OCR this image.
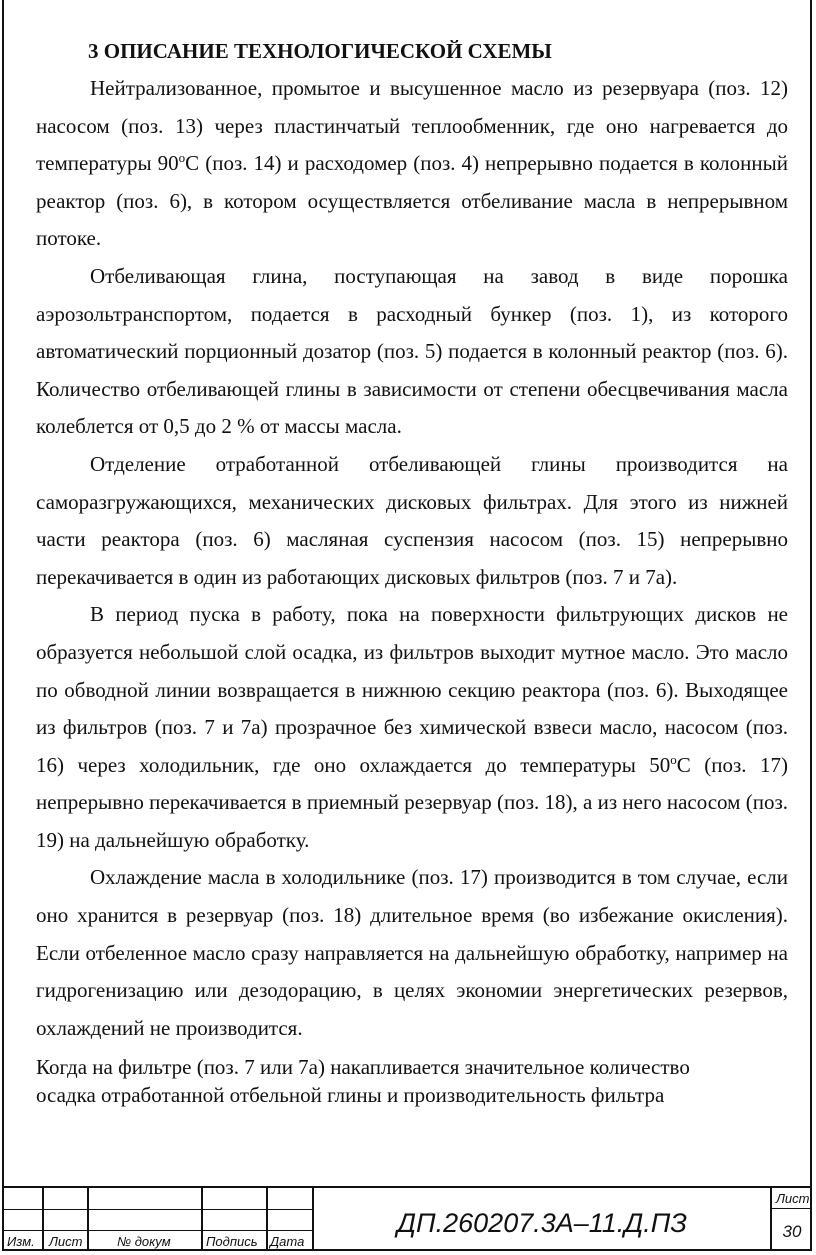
3 ОПИСАНИЕ ТЕХНОЛОГИЧЕСКОЙ СХЕМЫ

Нейтрализованное, промытое и высушенное масло из резервуара (поз. 12) насосом (поз. 13) через пластинчатый теплообменник, где оно нагревается до температуры $90^оС$ (поз. 14) и расходомер (поз. 4) непрерывно подается в колонный реактор (поз. 6), в котором осуществляется отбеливание масла в непрерывном потоке.

Отбеливающая глина, поступающая на завод в виде порошка аэрозольтранспортом, подается в расходный бункер (поз. 1), из которого автоматический порционный дозатор (поз. 5) подается в колонный реактор (поз. 6). Количество отбеливающей глины в зависимости от степени обесцвечивания масла колеблется от 0,5 до 2 % от массы масла.

Отделение отработанной отбеливающей глины производится на саморазгружающихся, механических дисковых фильтрах. Для этого из нижней части реактора (поз. 6) масляная суспензия насосом (поз. 15) непрерывно перекачивается в один из работающих дисковых фильтров (поз. 7 и 7а).

В период пуска в работу, пока на поверхности фильтрующих дисков не образуется небольшой слой осадка, из фильтров выходит мутное масло. Это масло по обводной линии возвращается в нижнюю секцию реактора (поз. 6). Выходящее из фильтров (поз. 7 и 7а) прозрачное без химической взвеси масло, насосом (поз. 16) через холодильник, где оно охлаждается до температуры $50^оС$ (поз. 17) непрерывно перекачивается в приемный резервуар (поз. 18), а из него насосом (поз. 19) на дальнейшую обработку.

Охлаждение масла в холодильнике (поз. 17) производится в том случае, если оно хранится в резервуар (поз. 18) длительное время (во избежание окисления). Если отбеленное масло сразу направляется на дальнейшую обработку, например на гидрогенизацию или дезодорацию, в целях экономии энергетических резервов, охлаждений не производится.

Когда на фильтре (поз. 7 или 7а) накапливается значительное количество
осадка отработанной отбельной глины и производительность фильтра

Изм. Лист	№ докум	Подпись Дата
ДП.260207.3А–11.Д.ПЗ
Лист
30
